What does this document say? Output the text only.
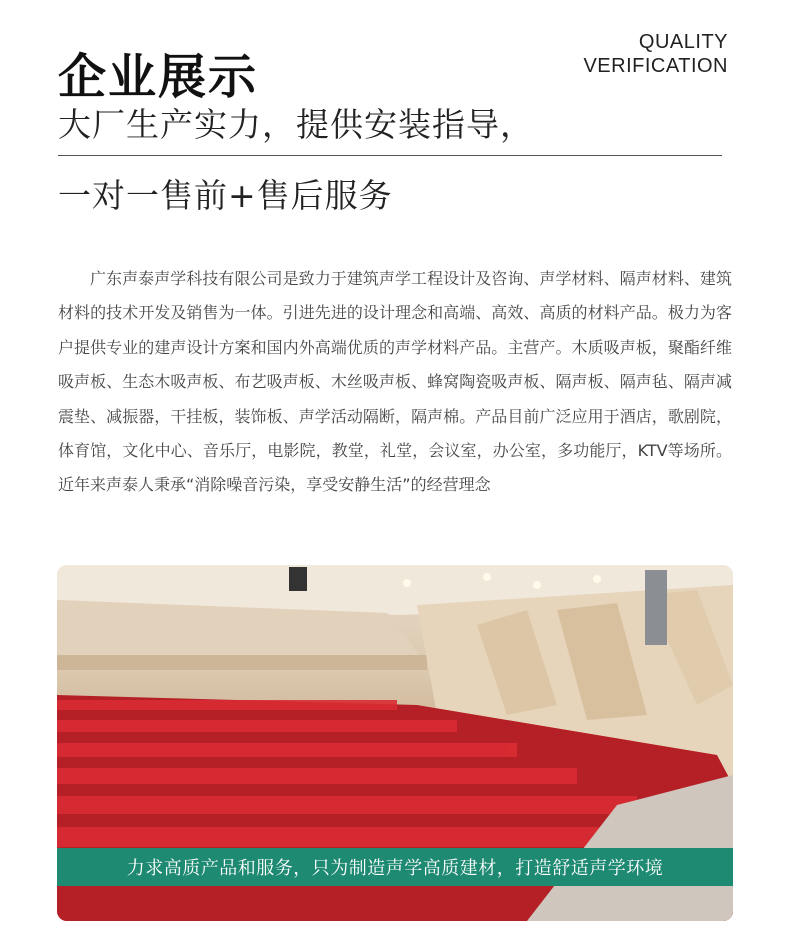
企业展示
QUALITY
VERIFICATION
大厂生产实力，提供安装指导，
一对一售前+售后服务

广东声泰声学科技有限公司是致力于建筑声学工程设计及咨询、声学材料、隔声材料、建筑材料的技术开发及销售为一体。引进先进的设计理念和高端、高效、高质的材料产品。极力为客户提供专业的建声设计方案和国内外高端优质的声学材料产品。主营产。木质吸声板，聚酯纤维吸声板、生态木吸声板、布艺吸声板、木丝吸声板、蜂窝陶瓷吸声板、隔声板、隔声毡、隔声减震垫、减振器，干挂板，装饰板、声学活动隔断，隔声棉。产品目前广泛应用于酒店，歌剧院，体育馆，文化中心、音乐厅，电影院，教堂，礼堂，会议室，办公室，多功能厅，KTV等场所。 近年来声泰人秉承“消除噪音污染，享受安静生活”的经营理念

力求高质产品和服务，只为制造声学高质建材，打造舒适声学环境
